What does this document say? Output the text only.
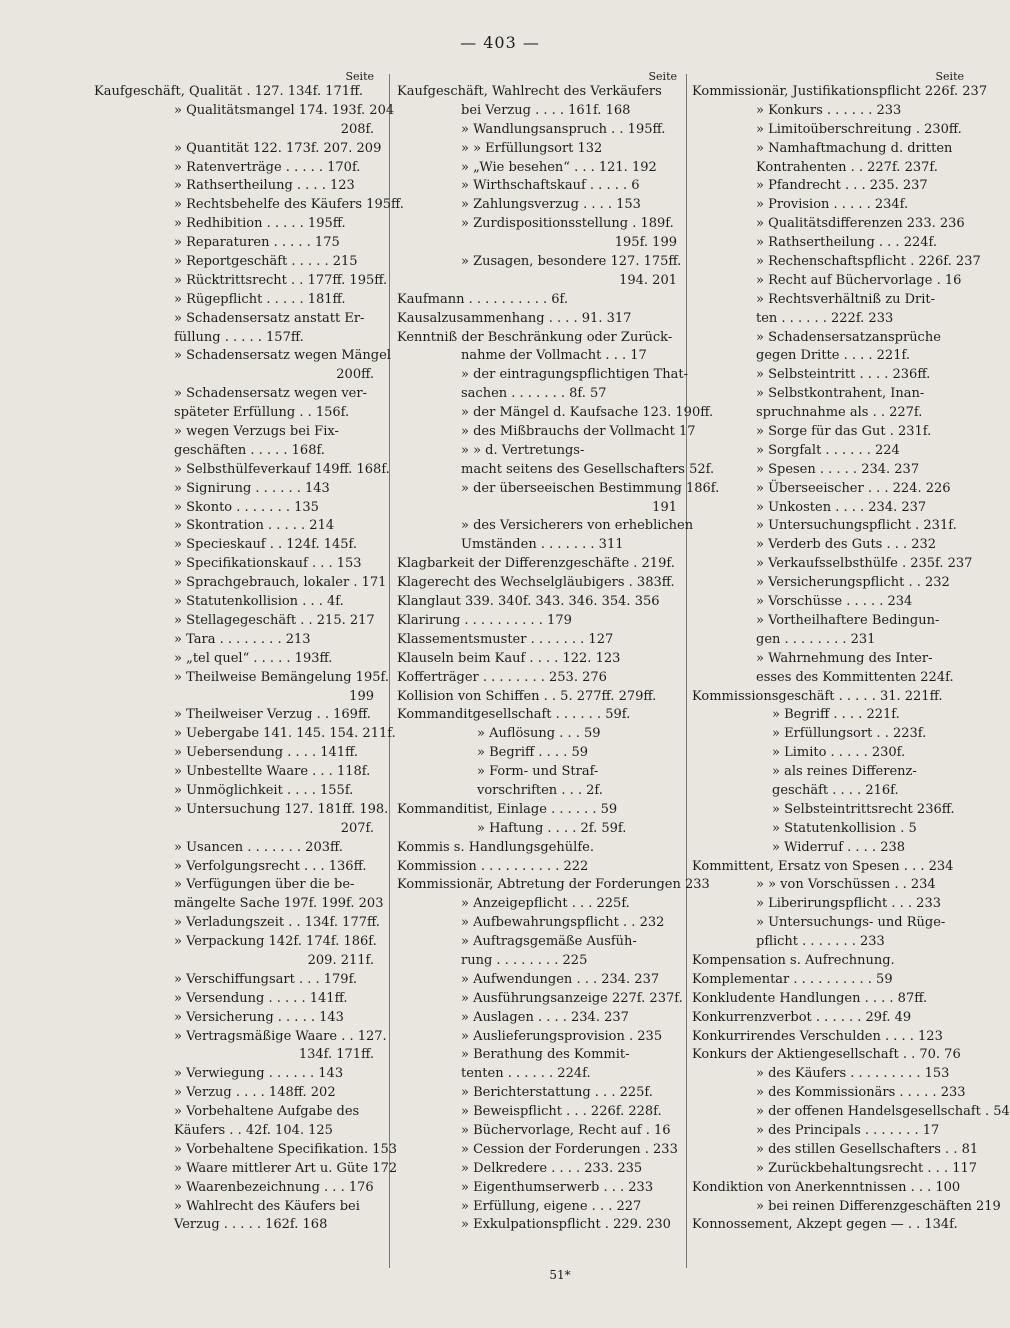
— 403 —
Seite
Kaufgeschäft, Qualität . 127. 134f. 171ff.
» Qualitätsmangel 174. 193f. 204
208f.
» Quantität 122. 173f. 207. 209
» Ratenverträge . . . . . 170f.
» Rathsertheilung . . . . 123
» Rechtsbehelfe des Käufers 195ff.
» Redhibition . . . . . 195ff.
» Reparaturen . . . . . 175
» Reportgeschäft . . . . . 215
» Rücktrittsrecht . . 177ff. 195ff.
» Rügepflicht . . . . . 181ff.
» Schadensersatz anstatt Er-
füllung . . . . . 157ff.
» Schadensersatz wegen Mängel
200ff.
» Schadensersatz wegen ver-
späteter Erfüllung . . 156f.
» wegen Verzugs bei Fix-
geschäften . . . . . 168f.
» Selbsthülfeverkauf 149ff. 168f.
» Signirung . . . . . . 143
» Skonto . . . . . . . 135
» Skontration . . . . . 214
» Specieskauf . . 124f. 145f.
» Specifikationskauf . . . 153
» Sprachgebrauch, lokaler . 171
» Statutenkollision . . . 4f.
» Stellagegeschäft . . 215. 217
» Tara . . . . . . . . 213
» „tel quel“ . . . . . 193ff.
» Theilweise Bemängelung 195f.
199
» Theilweiser Verzug . . 169ff.
» Uebergabe 141. 145. 154. 211f.
» Uebersendung . . . . 141ff.
» Unbestellte Waare . . . 118f.
» Unmöglichkeit . . . . 155f.
» Untersuchung 127. 181ff. 198.
207f.
» Usancen . . . . . . . 203ff.
» Verfolgungsrecht . . . 136ff.
» Verfügungen über die be-
mängelte Sache 197f. 199f. 203
» Verladungszeit . . 134f. 177ff.
» Verpackung 142f. 174f. 186f.
209. 211f.
» Verschiffungsart . . . 179f.
» Versendung . . . . . 141ff.
» Versicherung . . . . . 143
» Vertragsmäßige Waare . . 127.
134f. 171ff.
» Verwiegung . . . . . . 143
» Verzug . . . . 148ff. 202
» Vorbehaltene Aufgabe des
Käufers . . 42f. 104. 125
» Vorbehaltene Specifikation. 153
» Waare mittlerer Art u. Güte 172
» Waarenbezeichnung . . . 176
» Wahlrecht des Käufers bei
Verzug . . . . . 162f. 168
Seite
Kaufgeschäft, Wahlrecht des Verkäufers
bei Verzug . . . . 161f. 168
» Wandlungsanspruch . . 195ff.
» » Erfüllungsort 132
» „Wie besehen“ . . . 121. 192
» Wirthschaftskauf . . . . . 6
» Zahlungsverzug . . . . 153
» Zurdispositionsstellung . 189f.
195f. 199
» Zusagen, besondere 127. 175ff.
194. 201
Kaufmann . . . . . . . . . . 6f.
Kausalzusammenhang . . . . 91. 317
Kenntniß der Beschränkung oder Zurück-
nahme der Vollmacht . . . 17
» der eintragungspflichtigen That-
sachen . . . . . . . 8f. 57
» der Mängel d. Kaufsache 123. 190ff.
» des Mißbrauchs der Vollmacht 17
» » d. Vertretungs-
macht seitens des Gesellschafters 52f.
» der überseeischen Bestimmung 186f.
191
» des Versicherers von erheblichen
Umständen . . . . . . . 311
Klagbarkeit der Differenzgeschäfte . 219f.
Klagerecht des Wechselgläubigers . 383ff.
Klanglaut 339. 340f. 343. 346. 354. 356
Klarirung . . . . . . . . . . 179
Klassementsmuster . . . . . . . 127
Klauseln beim Kauf . . . . 122. 123
Kofferträger . . . . . . . . 253. 276
Kollision von Schiffen . . 5. 277ff. 279ff.
Kommanditgesellschaft . . . . . . 59f.
» Auflösung . . . 59
» Begriff . . . . 59
» Form- und Straf-
vorschriften . . . 2f.
Kommanditist, Einlage . . . . . . 59
» Haftung . . . . 2f. 59f.
Kommis s. Handlungsgehülfe.
Kommission . . . . . . . . . . 222
Kommissionär, Abtretung der Forderungen 233
» Anzeigepflicht . . . 225f.
» Aufbewahrungspflicht . . 232
» Auftragsgemäße Ausfüh-
rung . . . . . . . . 225
» Aufwendungen . . . 234. 237
» Ausführungsanzeige 227f. 237f.
» Auslagen . . . . 234. 237
» Auslieferungsprovision . 235
» Berathung des Kommit-
tenten . . . . . . 224f.
» Berichterstattung . . . 225f.
» Beweispflicht . . . 226f. 228f.
» Büchervorlage, Recht auf . 16
» Cession der Forderungen . 233
» Delkredere . . . . 233. 235
» Eigenthumserwerb . . . 233
» Erfüllung, eigene . . . 227
» Exkulpationspflicht . 229. 230
Seite
Kommissionär, Justifikationspflicht 226f. 237
» Konkurs . . . . . . 233
» Limitoüberschreitung . 230ff.
» Namhaftmachung d. dritten
Kontrahenten . . 227f. 237f.
» Pfandrecht . . . 235. 237
» Provision . . . . . 234f.
» Qualitätsdifferenzen 233. 236
» Rathsertheilung . . . 224f.
» Rechenschaftspflicht . 226f. 237
» Recht auf Büchervorlage . 16
» Rechtsverhältniß zu Drit-
ten . . . . . . 222f. 233
» Schadensersatzansprüche
gegen Dritte . . . . 221f.
» Selbsteintritt . . . . 236ff.
» Selbstkontrahent, Inan-
spruchnahme als . . 227f.
» Sorge für das Gut . 231f.
» Sorgfalt . . . . . . 224
» Spesen . . . . . 234. 237
» Überseeischer . . . 224. 226
» Unkosten . . . . 234. 237
» Untersuchungspflicht . 231f.
» Verderb des Guts . . . 232
» Verkaufsselbsthülfe . 235f. 237
» Versicherungspflicht . . 232
» Vorschüsse . . . . . 234
» Vortheilhaftere Bedingun-
gen . . . . . . . . 231
» Wahrnehmung des Inter-
esses des Kommittenten 224f.
Kommissionsgeschäft . . . . . 31. 221ff.
» Begriff . . . . 221f.
» Erfüllungsort . . 223f.
» Limito . . . . . 230f.
» als reines Differenz-
geschäft . . . . 216f.
» Selbsteintrittsrecht 236ff.
» Statutenkollision . 5
» Widerruf . . . . 238
Kommittent, Ersatz von Spesen . . . 234
» » von Vorschüssen . . 234
» Liberirungspflicht . . . 233
» Untersuchungs- und Rüge-
pflicht . . . . . . . 233
Kompensation s. Aufrechnung.
Komplementar . . . . . . . . . . 59
Konkludente Handlungen . . . . 87ff.
Konkurrenzverbot . . . . . . 29f. 49
Konkurrirendes Verschulden . . . . 123
Konkurs der Aktiengesellschaft . . 70. 76
» des Käufers . . . . . . . . . 153
» des Kommissionärs . . . . . 233
» der offenen Handelsgesellschaft . 54
» des Principals . . . . . . . 17
» des stillen Gesellschafters . . 81
» Zurückbehaltungsrecht . . . 117
Kondiktion von Anerkenntnissen . . . 100
» bei reinen Differenzgeschäften 219
Konnossement, Akzept gegen — . . 134f.
51*
